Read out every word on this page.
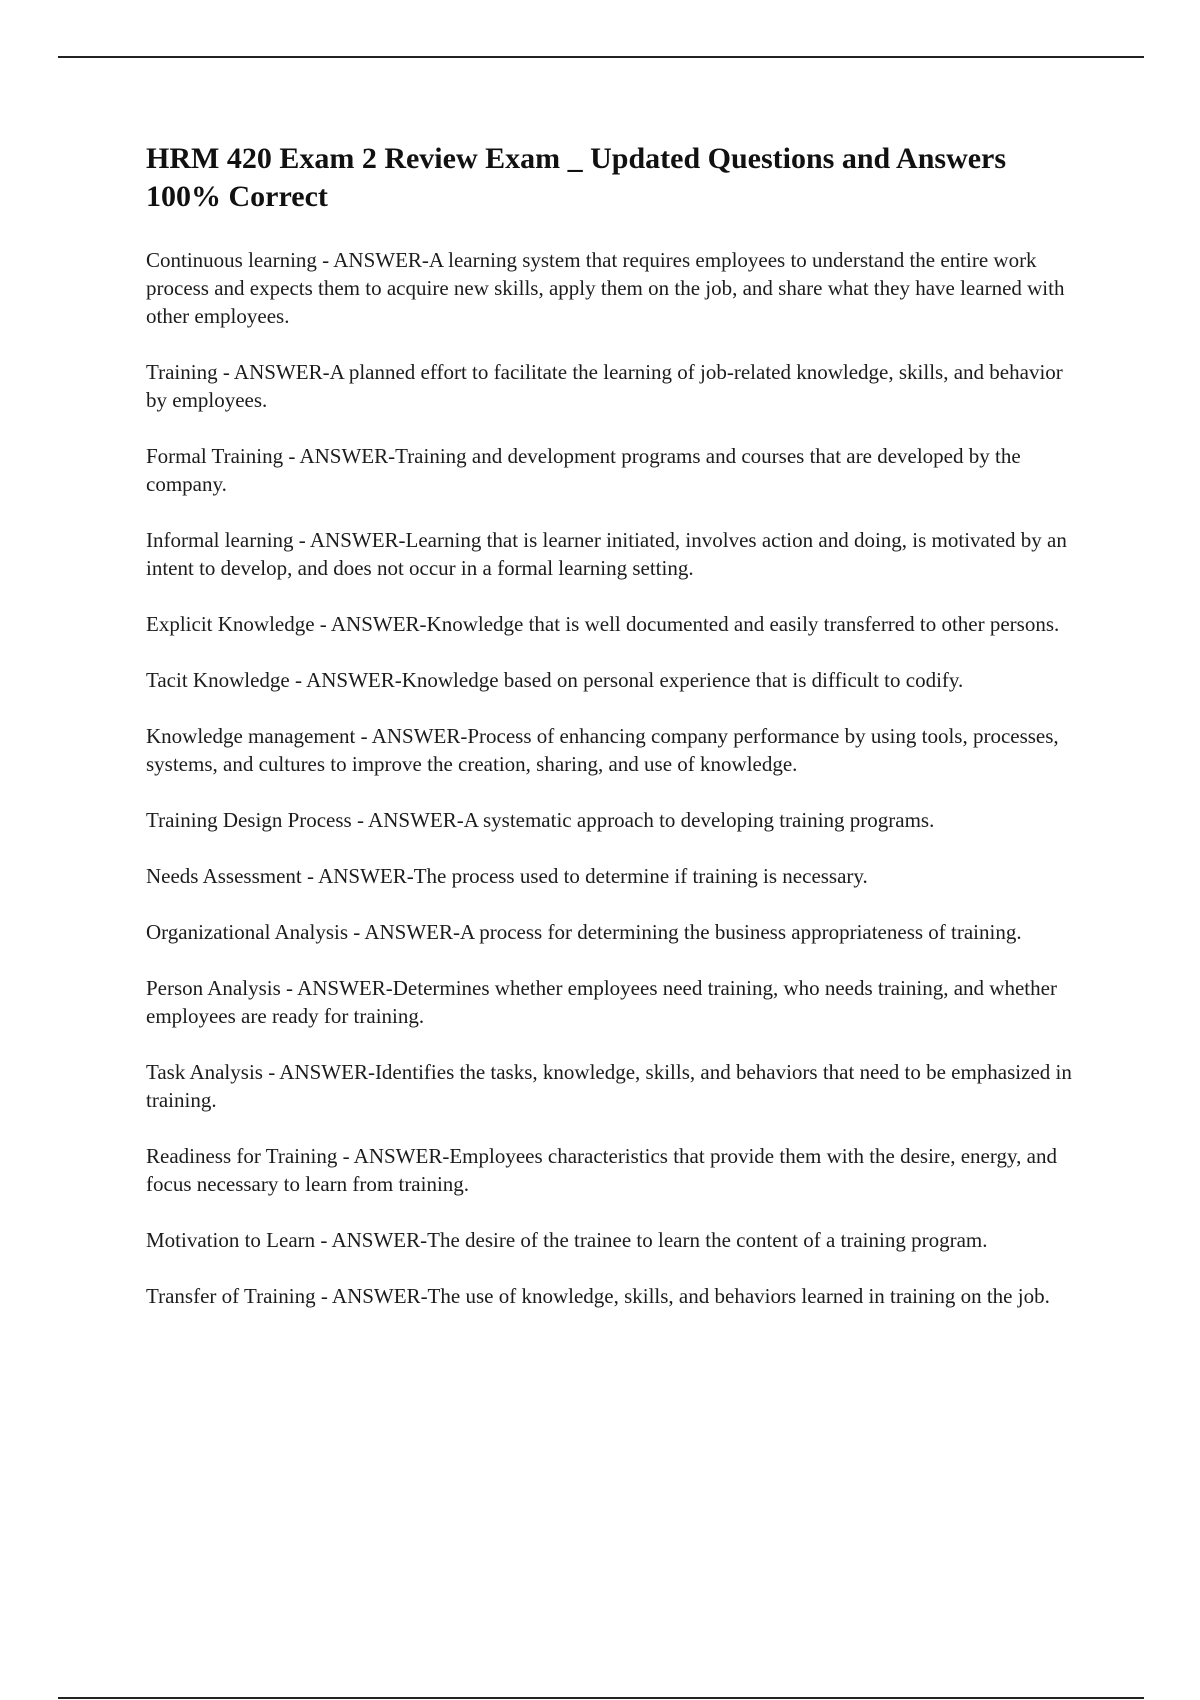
HRM 420 Exam 2 Review Exam _ Updated Questions and Answers 100% Correct
Continuous learning - ANSWER-A learning system that requires employees to understand the entire work process and expects them to acquire new skills, apply them on the job, and share what they have learned with other employees.
Training - ANSWER-A planned effort to facilitate the learning of job-related knowledge, skills, and behavior by employees.
Formal Training - ANSWER-Training and development programs and courses that are developed by the company.
Informal learning - ANSWER-Learning that is learner initiated, involves action and doing, is motivated by an intent to develop, and does not occur in a formal learning setting.
Explicit Knowledge - ANSWER-Knowledge that is well documented and easily transferred to other persons.
Tacit Knowledge - ANSWER-Knowledge based on personal experience that is difficult to codify.
Knowledge management - ANSWER-Process of enhancing company performance by using tools, processes, systems, and cultures to improve the creation, sharing, and use of knowledge.
Training Design Process - ANSWER-A systematic approach to developing training programs.
Needs Assessment - ANSWER-The process used to determine if training is necessary.
Organizational Analysis - ANSWER-A process for determining the business appropriateness of training.
Person Analysis - ANSWER-Determines whether employees need training, who needs training, and whether employees are ready for training.
Task Analysis - ANSWER-Identifies the tasks, knowledge, skills, and behaviors that need to be emphasized in training.
Readiness for Training - ANSWER-Employees characteristics that provide them with the desire, energy, and focus necessary to learn from training.
Motivation to Learn - ANSWER-The desire of the trainee to learn the content of a training program.
Transfer of Training - ANSWER-The use of knowledge, skills, and behaviors learned in training on the job.
